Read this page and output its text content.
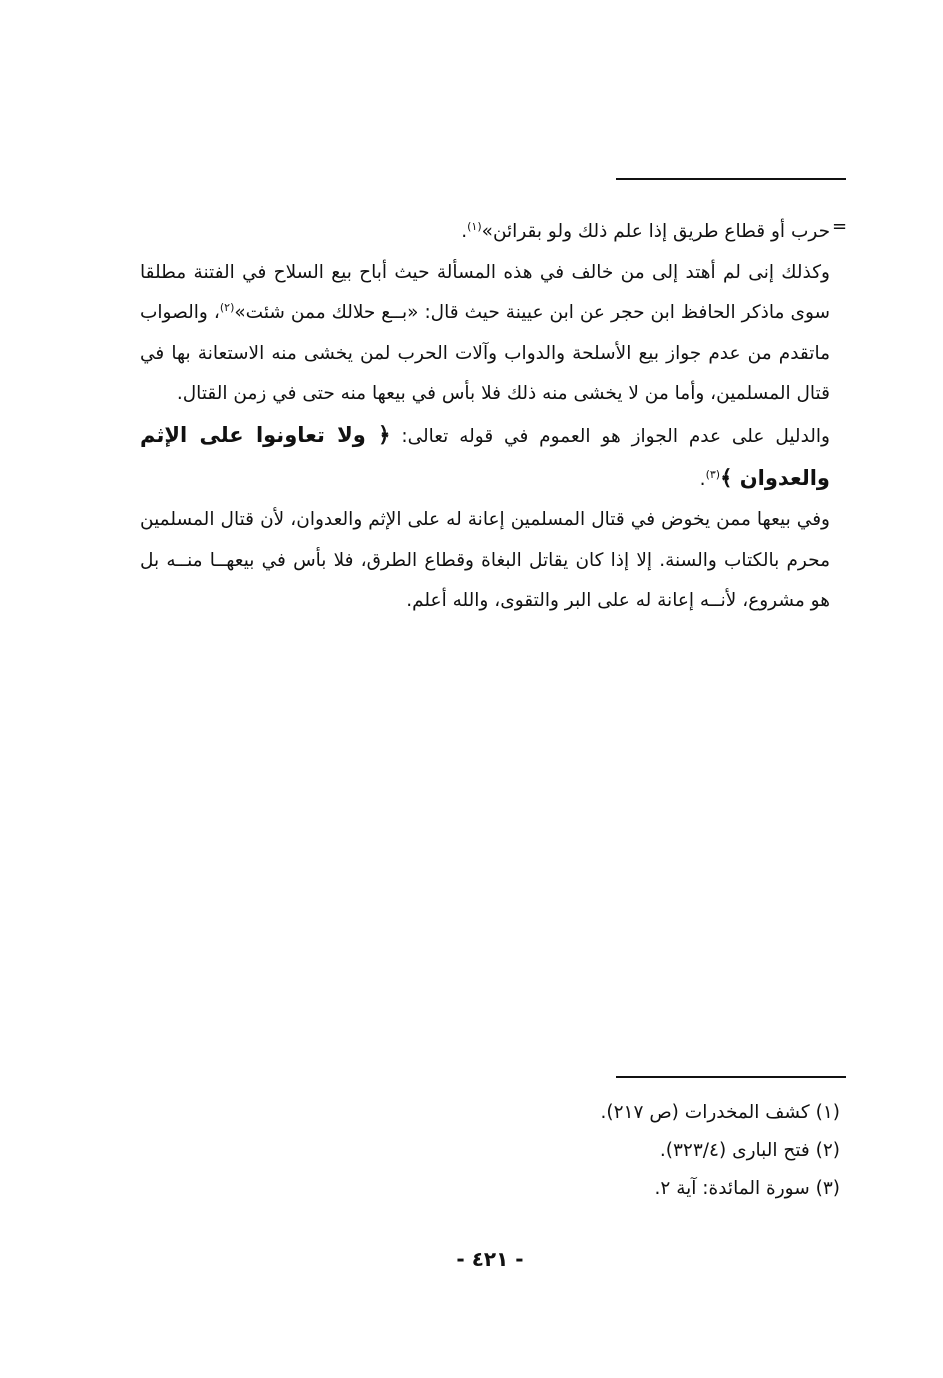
=

حرب أو قطاع طريق إذا علم ذلك ولو بقرائن»$^{(١)}$.

وكذلك إنى لم أهتد إلى من خالف في هذه المسألة حيث أباح بيع السلاح في الفتنة مطلقا سوى ماذكر الحافظ ابن حجر عن ابن عيينة حيث قال: «بــع حلالك ممن شئت»$^{(٢)}$، والصواب ماتقدم من عدم جواز بيع الأسلحة والدواب وآلات الحرب لمن يخشى منه الاستعانة بها في قتال المسلمين، وأما من لا يخشى منه ذلك فلا بأس في بيعها منه حتى في زمن القتال.

والدليل على عدم الجواز هو العموم في قوله تعالى: ﴿ ولا تعاونوا على الإثم والعدوان ﴾$^{(٣)}$.

وفي بيعها ممن يخوض في قتال المسلمين إعانة له على الإثم والعدوان، لأن قتال المسلمين محرم بالكتاب والسنة. إلا إذا كان يقاتل البغاة وقطاع الطرق، فلا بأس في بيعهــا منــه بل هو مشروع، لأنــه إعانة له على البر والتقوى، والله أعلم.

(١) كشف المخدرات (ص ٢١٧).

(٢) فتح البارى (٣٢٣/٤).

(٣) سورة المائدة: آية ٢.

- ٤٢١ -
